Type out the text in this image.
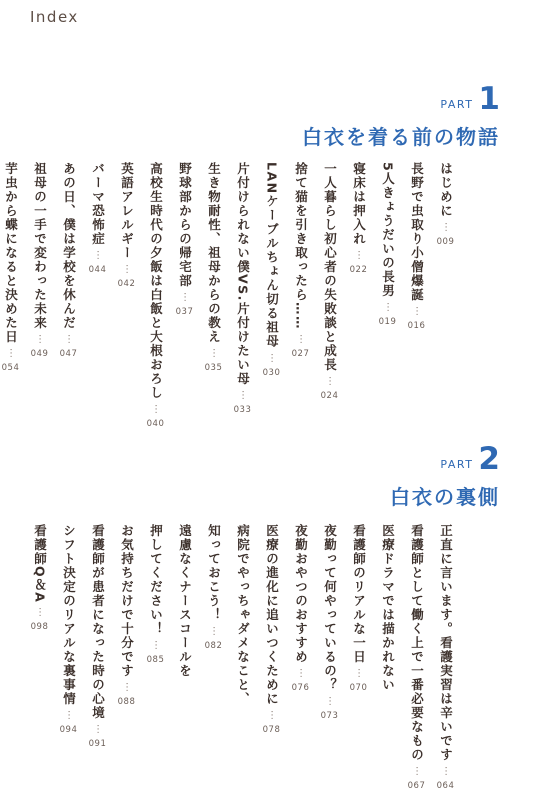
Index
PART 1
白衣を着る前の物語
はじめに
⋯
009
長野で虫取り小僧爆誕
⋯
016
5人きょうだいの長男
⋯
019
寝床は押入れ
⋯
022
一人暮らし初心者の失敗談と成長
⋯
024
捨て猫を引き取ったら……
⋯
027
LANケーブルちょん切る祖母
⋯
030
片付けられない僕VS.片付けたい母
⋯
033
生き物耐性、祖母からの教え
⋯
035
野球部からの帰宅部
⋯
037
高校生時代の夕飯は白飯と大根おろし
⋯
040
英語アレルギー
⋯
042
バーマ恐怖症
⋯
044
あの日、僕は学校を休んだ
⋯
047
祖母の一手で変わった未来
⋯
049
芋虫から蝶になると決めた日
⋯
054
PART 2
白衣の裏側
正直に言います。看護実習は辛いです
⋯
064
看護師として働く上で一番必要なもの
⋯
067
医療ドラマでは描かれない
看護師のリアルな一日
⋯
070
夜勤って何やっているの？
⋯
073
夜勤おやつのおすすめ
⋯
076
医療の進化に追いつくために
⋯
078
病院でやっちゃダメなこと、
知っておこう！
⋯
082
遠慮なくナースコールを
押してください！
⋯
085
お気持ちだけで十分です
⋯
088
看護師が患者になった時の心境
⋯
091
シフト決定のリアルな裏事情
⋯
094
看護師Q＆A
⋯
098
